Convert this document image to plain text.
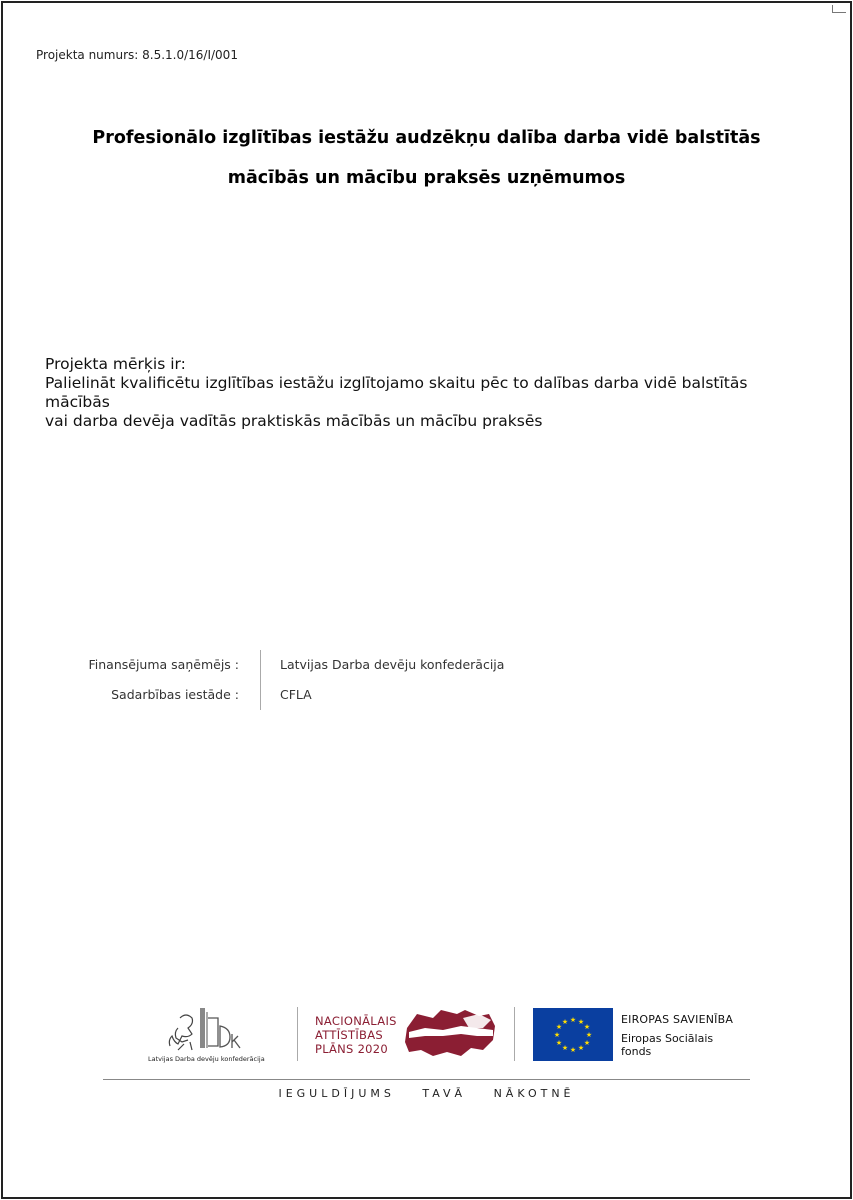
Projekta numurs: 8.5.1.0/16/I/001
Profesionālo izglītības iestāžu audzēkņu dalība darba vidē balstītās
mācībās un mācību praksēs uzņēmumos
Projekta mērķis ir:
Palielināt kvalificētu izglītības iestāžu izglītojamo skaitu pēc to dalības darba vidē balstītās mācībās
vai darba devēja vadītās praktiskās mācībās un mācību praksēs
Finansējuma saņēmējs :	Latvijas Darba devēju konfederācija
Sadarbības iestāde :	CFLA
Latvijas Darba devēju konfederācija
NACIONĀLAIS
ATTĪSTĪBAS
PLĀNS 2020
★ ★
★
★
★
★
★
★
★
★
★
★	EIROPAS SAVIENĪBA
Eiropas Sociālais
fonds
IEGULDĪJUMS TAVĀ NĀKOTNĒ
